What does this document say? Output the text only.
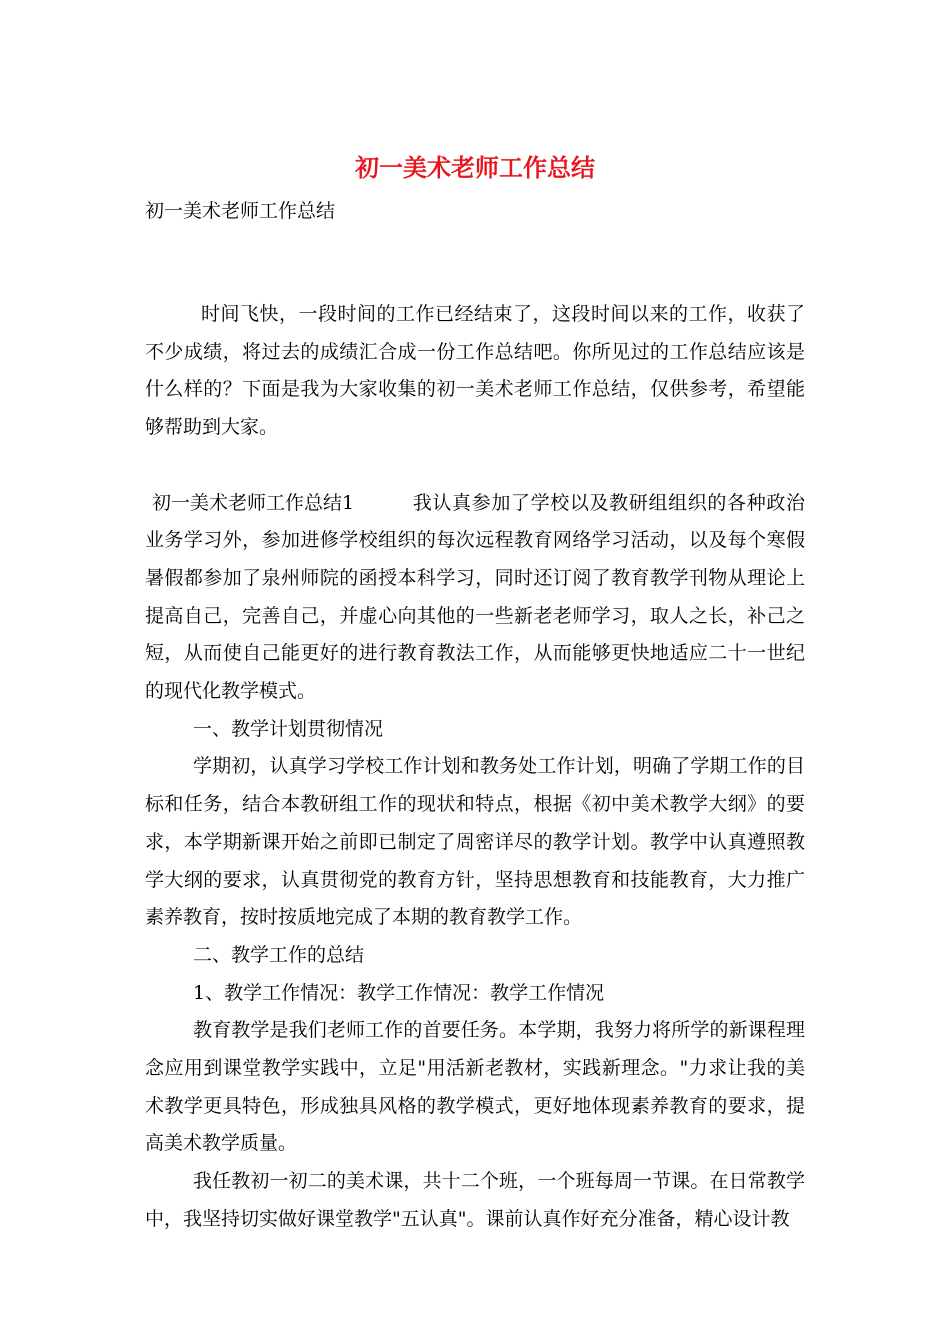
初一美术老师工作总结

初一美术老师工作总结

时间飞快，一段时间的工作已经结束了，这段时间以来的工作，收获了不少成绩，将过去的成绩汇合成一份工作总结吧。你所见过的工作总结应该是什么样的？下面是我为大家收集的初一美术老师工作总结，仅供参考，希望能够帮助到大家。

初一美术老师工作总结1	我认真参加了学校以及教研组组织的各种政治业务学习外，参加进修学校组织的每次远程教育网络学习活动，以及每个寒假暑假都参加了泉州师院的函授本科学习，同时还订阅了教育教学刊物从理论上提高自己，完善自己，并虚心向其他的一些新老老师学习，取人之长，补己之短，从而使自己能更好的进行教育教法工作，从而能够更快地适应二十一世纪的现代化教学模式。

一、教学计划贯彻情况

学期初，认真学习学校工作计划和教务处工作计划，明确了学期工作的目标和任务，结合本教研组工作的现状和特点，根据《初中美术教学大纲》的要求，本学期新课开始之前即已制定了周密详尽的教学计划。教学中认真遵照教学大纲的要求，认真贯彻党的教育方针，坚持思想教育和技能教育，大力推广素养教育，按时按质地完成了本期的教育教学工作。

二、教学工作的总结

1、教学工作情况：教学工作情况：教学工作情况

教育教学是我们老师工作的首要任务。本学期，我努力将所学的新课程理念应用到课堂教学实践中，立足"用活新老教材，实践新理念。"力求让我的美术教学更具特色，形成独具风格的教学模式，更好地体现素养教育的要求，提高美术教学质量。

我任教初一初二的美术课，共十二个班，一个班每周一节课。在日常教学中，我坚持切实做好课堂教学"五认真"。课前认真作好充分准备，精心设计教
